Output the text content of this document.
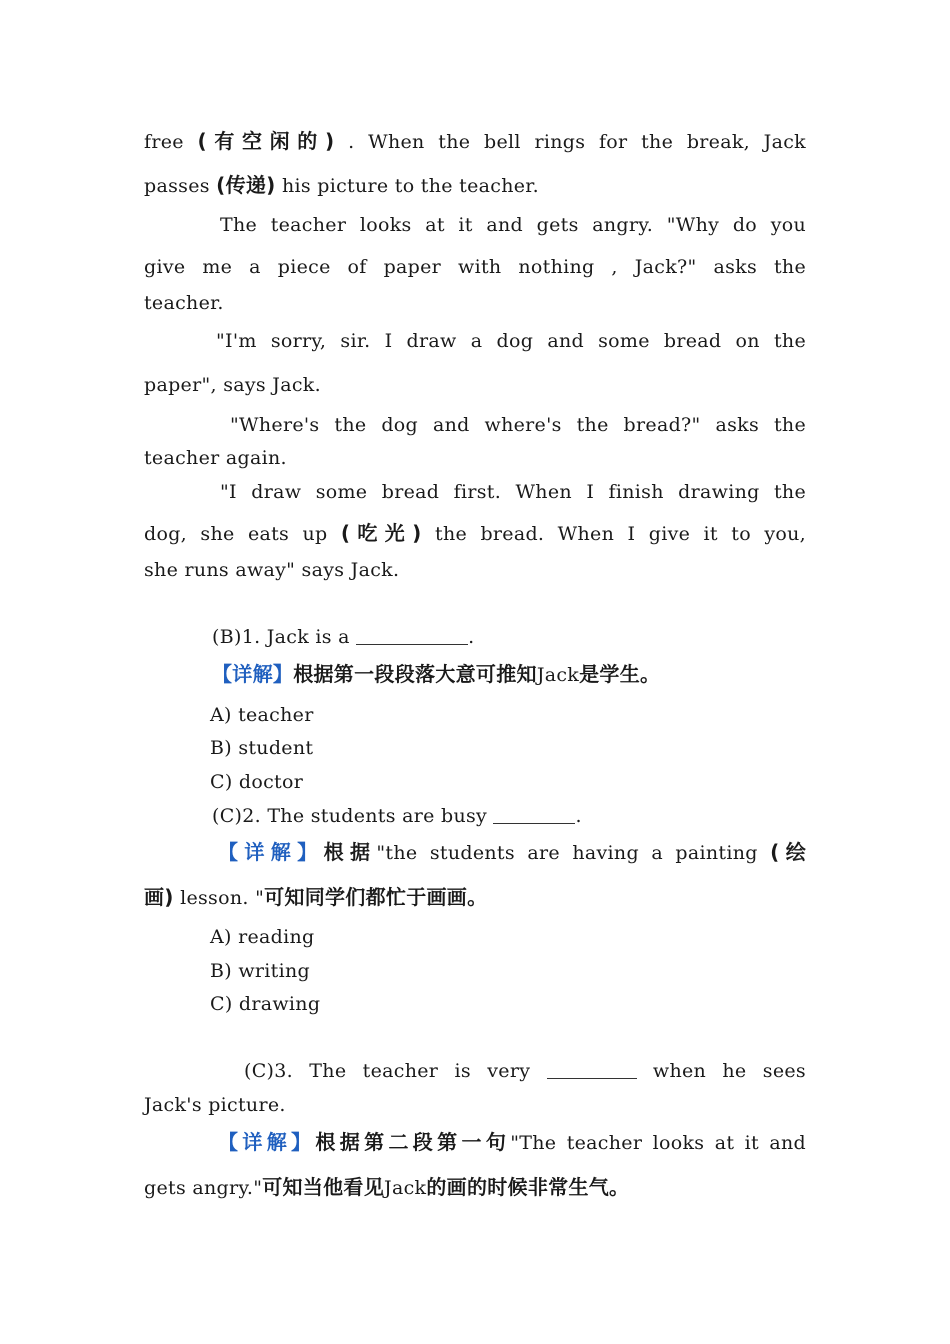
free (有空闲的) . When the bell rings for the break, Jack
passes (传递) his picture to the teacher.
The teacher looks at it and gets angry. "Why do you
give me a piece of paper with nothing , Jack?" asks the
teacher.
"I'm sorry, sir. I draw a dog and some bread on the
paper", says Jack.
"Where's the dog and where's the bread?" asks the
teacher again.
"I draw some bread first. When I finish drawing the
dog, she eats up (吃光) the bread. When I give it to you,
she runs away" says Jack.
(B)1. Jack is a	.
【详解】根据第一段段落大意可推知Jack是学生。
A) teacher
B) student
C) doctor
(C)2. The students are busy	.
【详解】根据"the students are having a painting (绘
画) lesson. "可知同学们都忙于画画。
A) reading
B) writing
C) drawing
(C)3. The teacher is very	when he sees
Jack's picture.
【详解】根据第二段第一句"The teacher looks at it and
gets angry."可知当他看见Jack的画的时候非常生气。
